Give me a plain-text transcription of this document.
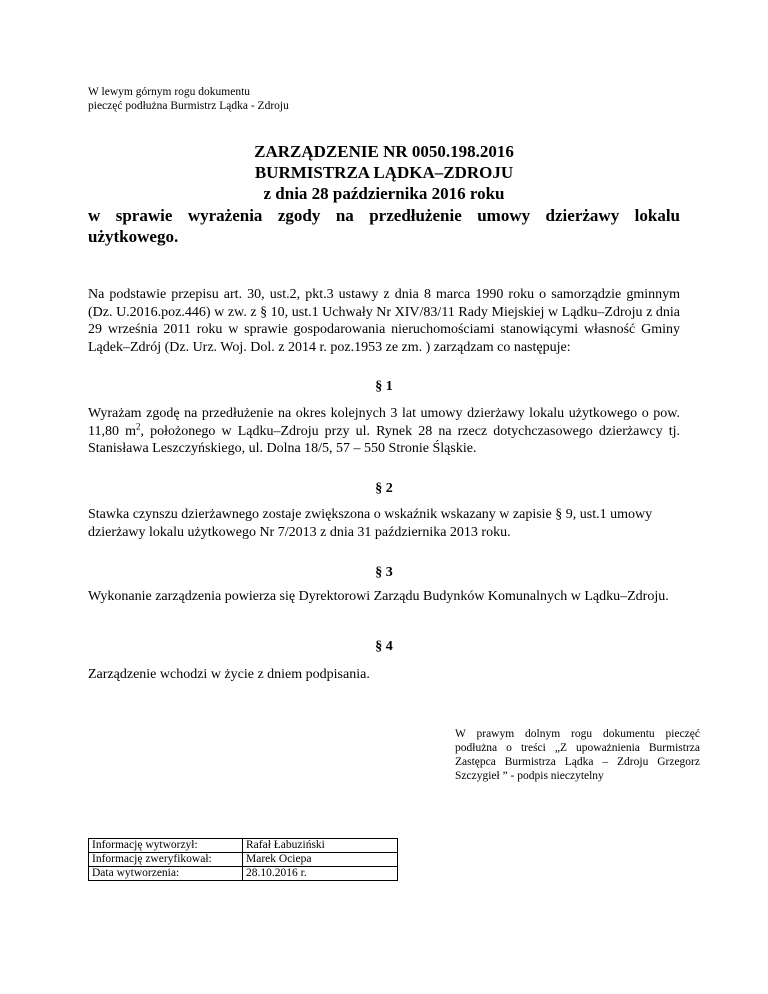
W lewym górnym rogu dokumentu
pieczęć podłużna Burmistrz Lądka - Zdroju
ZARZĄDZENIE NR 0050.198.2016
BURMISTRZA LĄDKA–ZDROJU
z dnia 28 października 2016 roku
w sprawie wyrażenia zgody na przedłużenie umowy dzierżawy lokalu użytkowego.
Na podstawie przepisu art. 30, ust.2, pkt.3 ustawy z dnia 8 marca 1990 roku o samorządzie gminnym (Dz. U.2016.poz.446) w zw. z § 10, ust.1 Uchwały Nr XIV/83/11 Rady Miejskiej w Lądku–Zdroju z dnia 29 września 2011 roku w sprawie gospodarowania nieruchomościami stanowiącymi własność Gminy Lądek–Zdrój (Dz. Urz. Woj. Dol. z 2014 r. poz.1953 ze zm. ) zarządzam co następuje:
§ 1
Wyrażam zgodę na przedłużenie na okres kolejnych 3 lat umowy dzierżawy lokalu użytkowego o pow. 11,80 $m^2$, położonego w Lądku–Zdroju przy ul. Rynek 28 na rzecz dotychczasowego dzierżawcy tj. Stanisława Leszczyńskiego, ul. Dolna 18/5, 57 – 550 Stronie Śląskie.
§ 2
Stawka czynszu dzierżawnego zostaje zwiększona o wskaźnik wskazany w zapisie § 9, ust.1 umowy dzierżawy lokalu użytkowego Nr 7/2013 z dnia 31 października 2013 roku.
§ 3
Wykonanie zarządzenia powierza się Dyrektorowi Zarządu Budynków Komunalnych w Lądku–Zdroju.
§ 4
Zarządzenie wchodzi w życie z dniem podpisania.
W prawym dolnym rogu dokumentu pieczęć podłużna o treści „Z upoważnienia Burmistrza Zastępca Burmistrza Lądka – Zdroju Grzegorz Szczygieł ” - podpis nieczytelny
Informację wytworzył:	Rafał Łabuziński
Informację zweryfikował:	Marek Ociepa
Data wytworzenia:	28.10.2016 r.
